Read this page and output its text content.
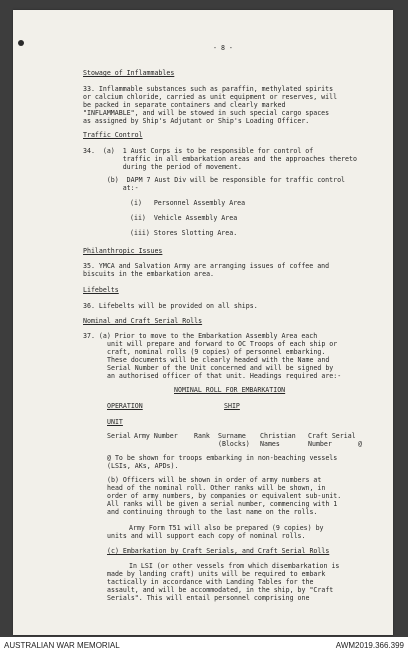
- 8 -
Stowage of Inflammables
33. Inflammable substances such as paraffin, methylated spirits
or calcium chloride, carried as unit equipment or reserves, will
be packed in separate containers and clearly marked
"INFLAMMABLE", and will be stowed in such special cargo spaces
as assigned by Ship's Adjutant or Ship's Loading Officer.
Traffic Control
34.  (a)  1 Aust Corps is to be responsible for control of
traffic in all embarkation areas and the approaches thereto
during the period of movement.
(b)  DAPM 7 Aust Div will be responsible for traffic control
at:-
(i)   Personnel Assembly Area
(ii)  Vehicle Assembly Area
(iii) Stores Slotting Area.
Philanthropic Issues
35. YMCA and Salvation Army are arranging issues of coffee and
biscuits in the embarkation area.
Lifebelts
36. Lifebelts will be provided on all ships.
Nominal and Craft Serial Rolls
37. (a) Prior to move to the Embarkation Assembly Area each
unit will prepare and forward to OC Troops of each ship or
craft, nominal rolls (9 copies) of personnel embarking.
These documents will be clearly headed with the Name and
Serial Number of the Unit concerned and will be signed by
an authorised officer of that unit. Headings required are:-
NOMINAL ROLL FOR EMBARKATION
OPERATION	SHIP
UNIT
Serial Army Number Rank Surname Christian Craft Serial
(Blocks) Names	Number	@
@ To be shown for troops embarking in non-beaching vessels
(LSIs, AKs, APDs).
(b) Officers will be shown in order of army numbers at
head of the nominal roll. Other ranks will be shown, in
order of army numbers, by companies or equivalent sub-unit.
All ranks will be given a serial number, commencing with 1
and continuing through to the last name on the rolls.
Army Form T51 will also be prepared (9 copies) by
units and will support each copy of nominal rolls.
(c) Embarkation by Craft Serials, and Craft Serial Rolls
In LSI (or other vessels from which disembarkation is
made by landing craft) units will be required to embark
tactically in accordance with Landing Tables for the
assault, and will be accommodated, in the ship, by "Craft
Serials". This will entail personnel comprising one
AUSTRALIAN WAR MEMORIAL	AWM2019.366.399
